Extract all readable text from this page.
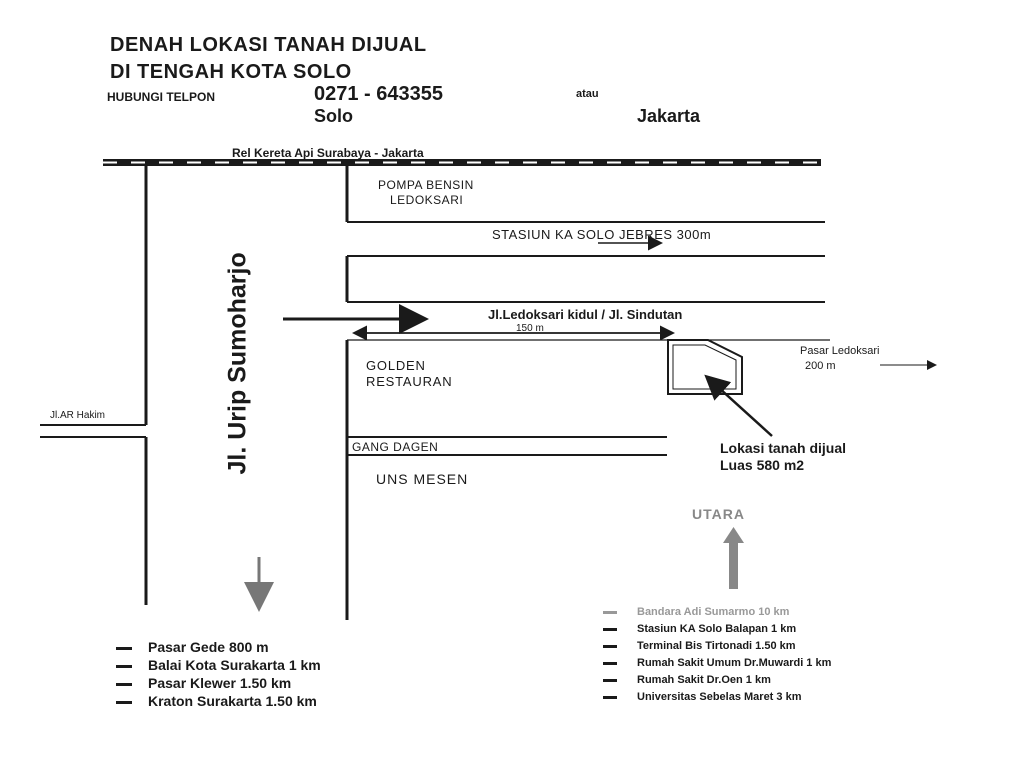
DENAH LOKASI TANAH DIJUAL
DI TENGAH KOTA SOLO
HUBUNGI TELPON	0271 - 643355	atau
Solo	Jakarta
Rel Kereta Api Surabaya - Jakarta
POMPA BENSIN
LEDOKSARI
STASIUN KA SOLO JEBRES 300m
Jl. Urip Sumoharjo	Jl.Ledoksari kidul / Jl. Sindutan
150 m
GOLDEN
RESTAURAN
Pasar Ledoksari
200 m
GANG DAGEN
UNS MESEN
Lokasi tanah dijual
Luas 580 m2
Jl.AR Hakim
UTARA
Pasar Gede 800 m
Balai Kota Surakarta 1 km
Pasar Klewer 1.50 km
Kraton Surakarta 1.50 km
Bandara Adi Sumarmo 10 km
Stasiun KA Solo Balapan 1 km
Terminal Bis Tirtonadi 1.50 km
Rumah Sakit Umum Dr.Muwardi 1 km
Rumah Sakit Dr.Oen 1 km
Universitas Sebelas Maret 3 km
